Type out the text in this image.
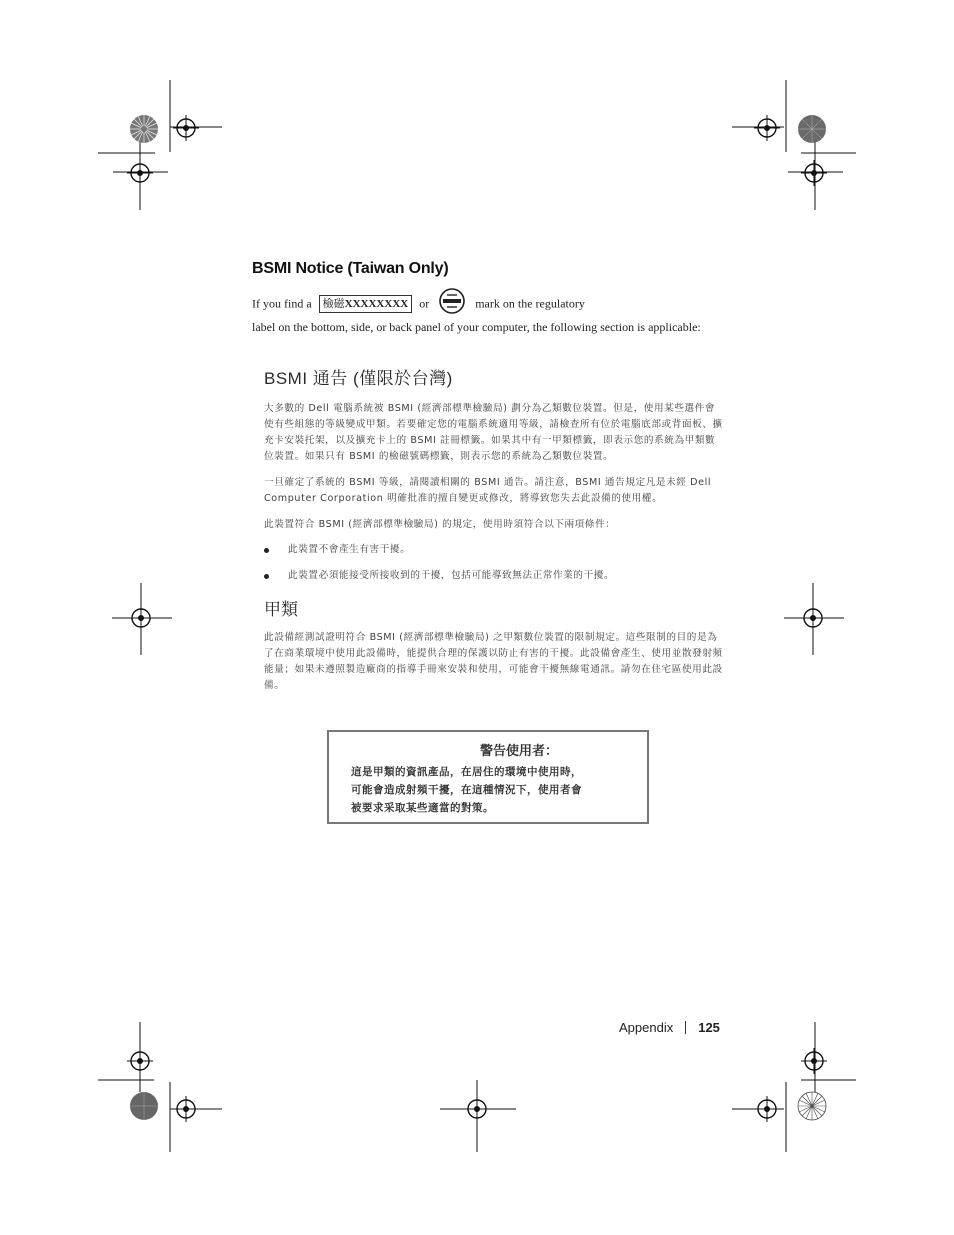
BSMI Notice (Taiwan Only)
If you find a 檢磁XXXXXXXX or	mark on the regulatory
label on the bottom, side, or back panel of your computer, the following section is applicable:
BSMI 通告 (僅限於台灣)

大多數的 Dell 電腦系統被 BSMI (經濟部標準檢驗局) 劃分為乙類數位裝置。但是，使用某些選件會使有些組態的等級變成甲類。若要確定您的電腦系統適用等級，請檢查所有位於電腦底部或背面板、擴充卡安裝托架，以及擴充卡上的 BSMI 註冊標籤。如果其中有一甲類標籤，即表示您的系統為甲類數位裝置。如果只有 BSMI 的檢磁號碼標籤，則表示您的系統為乙類數位裝置。

一旦確定了系統的 BSMI 等級，請閱讀相關的 BSMI 通告。請注意，BSMI 通告規定凡是未經 Dell Computer Corporation 明確批准的擅自變更或修改，將導致您失去此設備的使用權。

此裝置符合 BSMI (經濟部標準檢驗局) 的規定，使用時須符合以下兩項條件：

此裝置不會產生有害干擾。
此裝置必須能接受所接收到的干擾，包括可能導致無法正常作業的干擾。
甲類

此設備經測試證明符合 BSMI (經濟部標準檢驗局) 之甲類數位裝置的限制規定。這些限制的目的是為了在商業環境中使用此設備時，能提供合理的保護以防止有害的干擾。此設備會產生、使用並散發射頻能量；如果未遵照製造廠商的指導手冊來安裝和使用，可能會干擾無線電通訊。請勿在住宅區使用此設備。

警告使用者：
這是甲類的資訊產品，在居住的環境中使用時，
可能會造成射頻干擾，在這種情況下，使用者會
被要求采取某些適當的對策。
Appendix 125
